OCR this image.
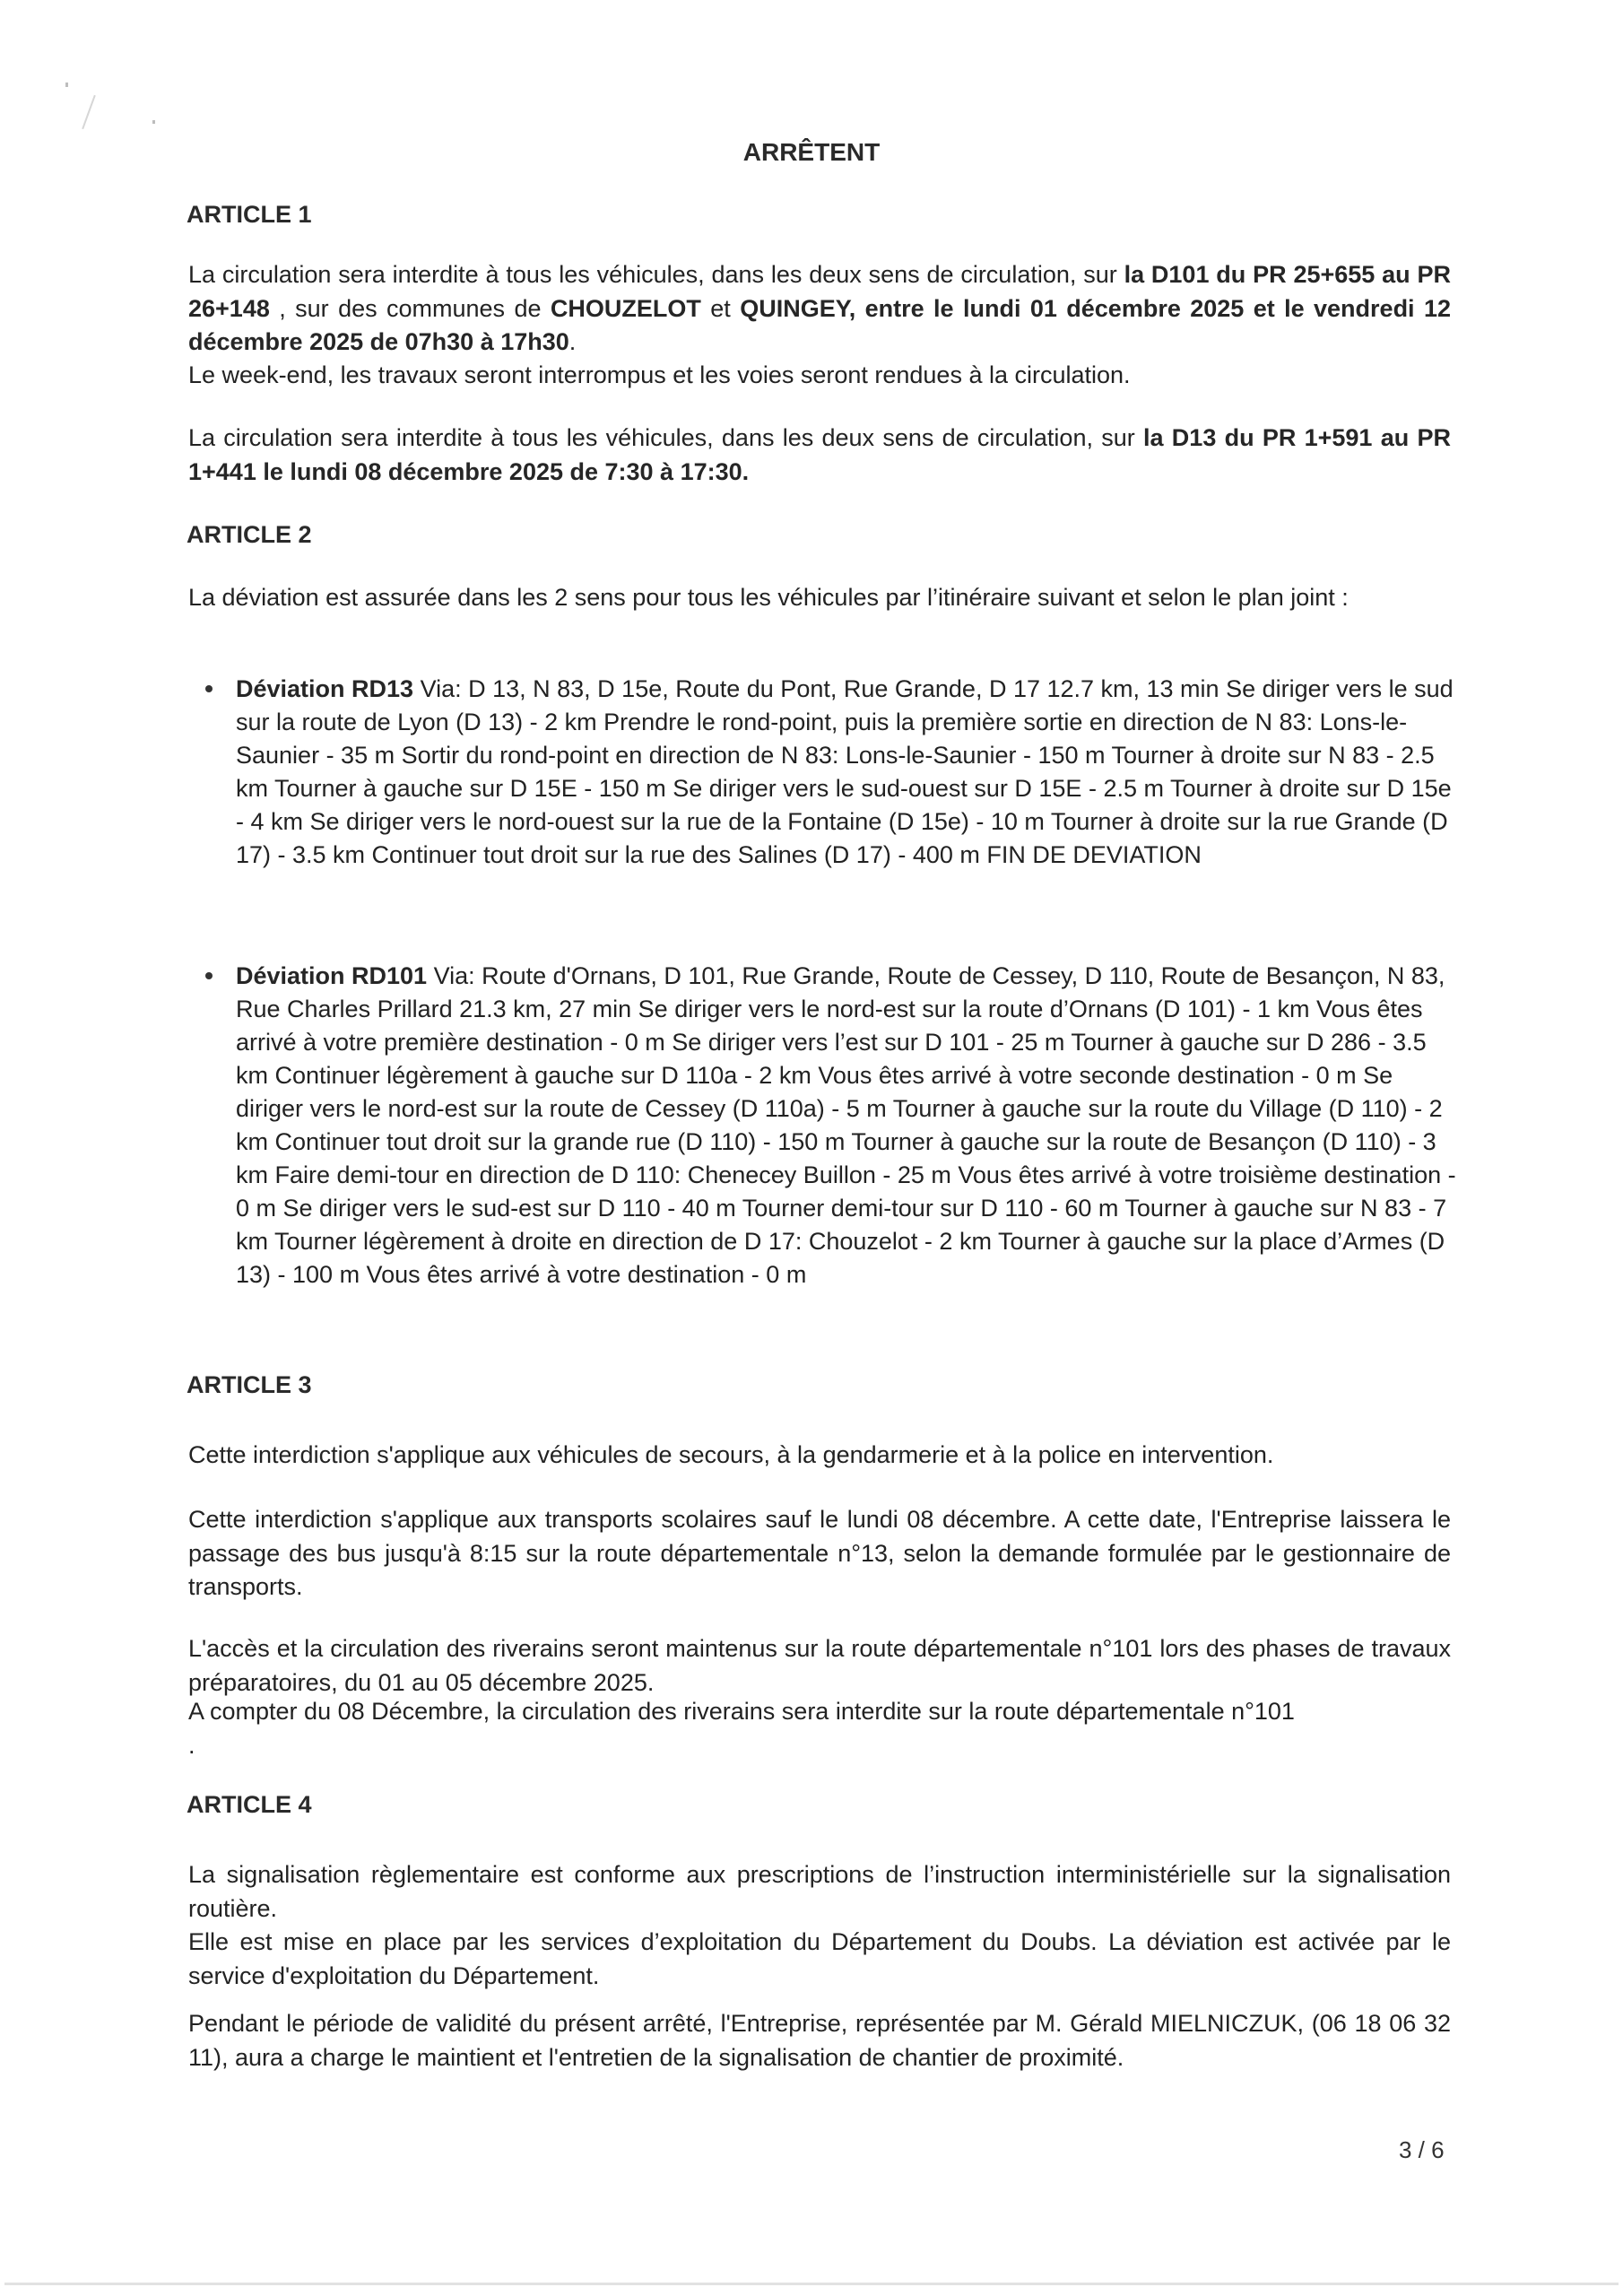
ARRÊTENT
ARTICLE 1
La circulation sera interdite à tous les véhicules, dans les deux sens de circulation, sur la D101 du PR 25+655 au PR 26+148 , sur des communes de CHOUZELOT et QUINGEY, entre le lundi 01 décembre 2025 et le vendredi 12 décembre 2025 de 07h30 à 17h30.
Le week-end, les travaux seront interrompus et les voies seront rendues à la circulation.
La circulation sera interdite à tous les véhicules, dans les deux sens de circulation, sur la D13 du PR 1+591 au PR 1+441 le lundi 08 décembre 2025 de 7:30 à 17:30.
ARTICLE 2
La déviation est assurée dans les 2 sens pour tous les véhicules par l’itinéraire suivant et selon le plan joint :
Déviation RD13 Via: D 13, N 83, D 15e, Route du Pont, Rue Grande, D 17 12.7 km, 13 min Se diriger vers le sud sur la route de Lyon (D 13) - 2 km Prendre le rond-point, puis la première sortie en direction de N 83: Lons-le-Saunier - 35 m Sortir du rond-point en direction de N 83: Lons-le-Saunier - 150 m Tourner à droite sur N 83 - 2.5 km Tourner à gauche sur D 15E - 150 m Se diriger vers le sud-ouest sur D 15E - 2.5 m Tourner à droite sur D 15e - 4 km Se diriger vers le nord-ouest sur la rue de la Fontaine (D 15e) - 10 m Tourner à droite sur la rue Grande (D 17) - 3.5 km Continuer tout droit sur la rue des Salines (D 17) - 400 m FIN DE DEVIATION
Déviation RD101 Via: Route d'Ornans, D 101, Rue Grande, Route de Cessey, D 110, Route de Besançon, N 83, Rue Charles Prillard 21.3 km, 27 min Se diriger vers le nord-est sur la route d’Ornans (D 101) - 1 km Vous êtes arrivé à votre première destination - 0 m Se diriger vers l’est sur D 101 - 25 m Tourner à gauche sur D 286 - 3.5 km Continuer légèrement à gauche sur D 110a - 2 km Vous êtes arrivé à votre seconde destination - 0 m Se diriger vers le nord-est sur la route de Cessey (D 110a) - 5 m Tourner à gauche sur la route du Village (D 110) - 2 km Continuer tout droit sur la grande rue (D 110) - 150 m Tourner à gauche sur la route de Besançon (D 110) - 3 km Faire demi-tour en direction de D 110: Chenecey Buillon - 25 m Vous êtes arrivé à votre troisième destination - 0 m Se diriger vers le sud-est sur D 110 - 40 m Tourner demi-tour sur D 110 - 60 m Tourner à gauche sur N 83 - 7 km Tourner légèrement à droite en direction de D 17: Chouzelot - 2 km Tourner à gauche sur la place d’Armes (D 13) - 100 m Vous êtes arrivé à votre destination - 0 m
ARTICLE 3
Cette interdiction s'applique aux véhicules de secours, à la gendarmerie et à la police en intervention.
Cette interdiction s'applique aux transports scolaires sauf le lundi 08 décembre. A cette date, l'Entreprise laissera le passage des bus jusqu'à 8:15 sur la route départementale n°13, selon la demande formulée par le gestionnaire de transports.
L'accès et la circulation des riverains seront maintenus sur la route départementale n°101 lors des phases de travaux préparatoires, du 01 au 05 décembre 2025.
A compter du 08 Décembre, la circulation des riverains sera interdite sur la route départementale n°101
.
ARTICLE 4
La signalisation règlementaire est conforme aux prescriptions de l’instruction interministérielle sur la signalisation routière.
Elle est mise en place par les services d’exploitation du Département du Doubs. La déviation est activée par le service d'exploitation du Département.
Pendant le période de validité du présent arrêté, l'Entreprise, représentée par M. Gérald MIELNICZUK, (06 18 06 32 11), aura a charge le maintient et l'entretien de la signalisation de chantier de proximité.
3 / 6
